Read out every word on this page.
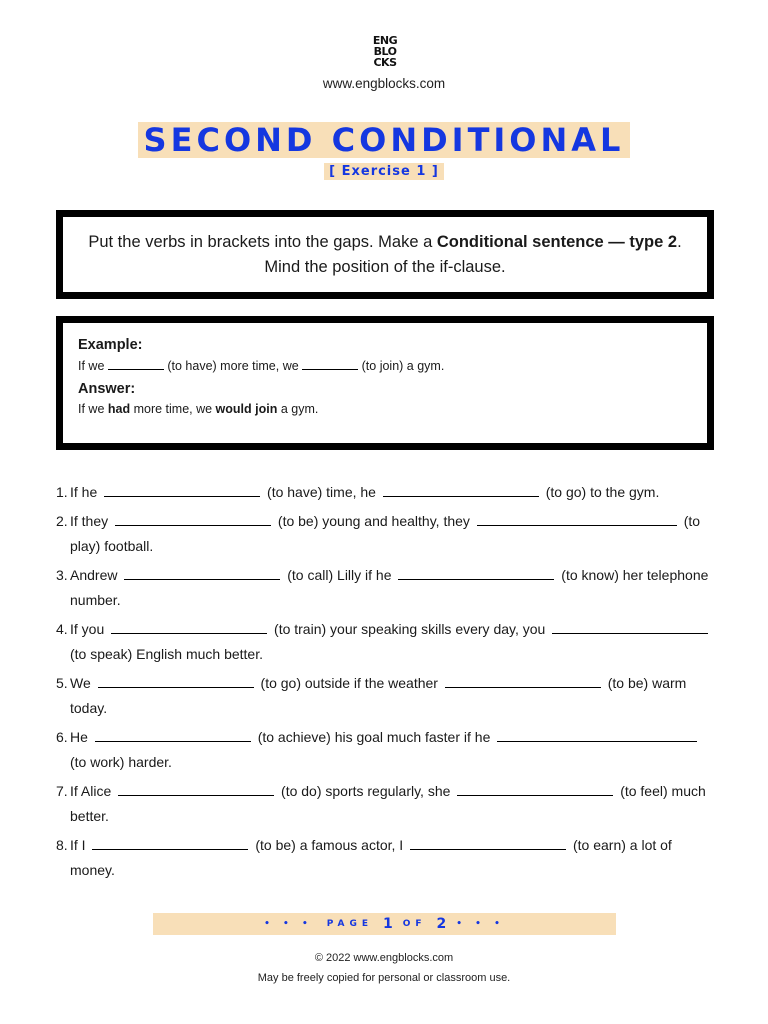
ENG
BLO
CKS
www.engblocks.com
SECOND CONDITIONAL
[ Exercise 1 ]
Put the verbs in brackets into the gaps. Make a Conditional sentence — type 2. Mind the position of the if-clause.
Example:
If we	(to have) more time, we	(to join) a gym.
Answer:
If we had more time, we would join a gym.
1. If he	(to have) time, he	(to go) to the gym.
2. If they	(to be) young and healthy, they	(to play) football.
3. Andrew	(to call) Lilly if he	(to know) her telephone number.
4. If you	(to train) your speaking skills every day, you  (to speak) English much better.
5. We	(to go) outside if the weather	(to be) warm today.
6. He	(to achieve) his goal much faster if he  (to work) harder.
7. If Alice	(to do) sports regularly, she	(to feel) much better.
8. If I	(to be) a famous actor, I	(to earn) a lot of money.
• • • PAGE 1 OF 2 • • •
© 2022 www.engblocks.com
May be freely copied for personal or classroom use.
